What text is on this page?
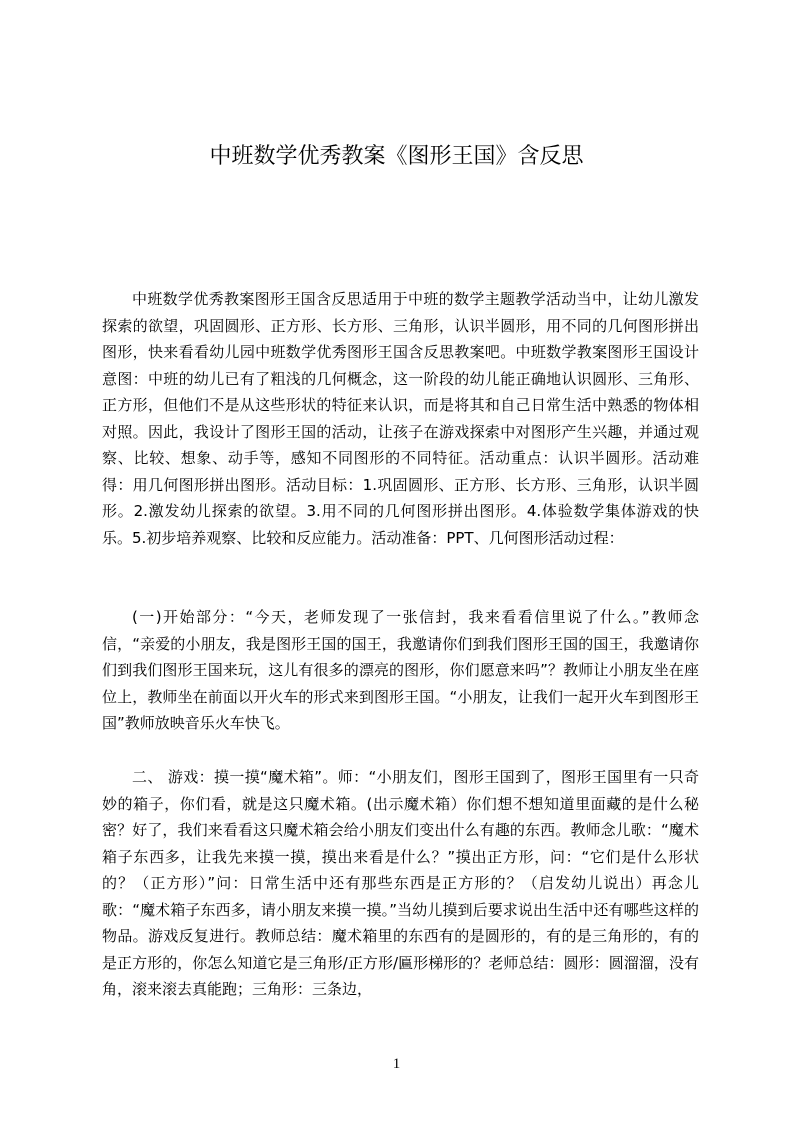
中班数学优秀教案《图形王国》含反思

中班数学优秀教案图形王国含反思适用于中班的数学主题教学活动当中，让幼儿激发探索的欲望，巩固圆形、正方形、长方形、三角形，认识半圆形，用不同的几何图形拼出图形，快来看看幼儿园中班数学优秀图形王国含反思教案吧。中班数学教案图形王国设计意图：中班的幼儿已有了粗浅的几何概念，这一阶段的幼儿能正确地认识圆形、三角形、正方形，但他们不是从这些形状的特征来认识，而是将其和自己日常生活中熟悉的物体相对照。因此，我设计了图形王国的活动，让孩子在游戏探索中对图形产生兴趣，并通过观察、比较、想象、动手等，感知不同图形的不同特征。活动重点：认识半圆形。活动难得：用几何图形拼出图形。活动目标：1.巩固圆形、正方形、长方形、三角形，认识半圆形。2.激发幼儿探索的欲望。3.用不同的几何图形拼出图形。4.体验数学集体游戏的快乐。5.初步培养观察、比较和反应能力。活动准备：PPT、几何图形活动过程：

(一)开始部分：“今天，老师发现了一张信封，我来看看信里说了什么。”教师念信，“亲爱的小朋友，我是图形王国的国王，我邀请你们到我们图形王国的国王，我邀请你们到我们图形王国来玩，这儿有很多的漂亮的图形，你们愿意来吗”？教师让小朋友坐在座位上，教师坐在前面以开火车的形式来到图形王国。“小朋友，让我们一起开火车到图形王国”教师放映音乐火车快飞。

二、 游戏：摸一摸“魔术箱”。师：“小朋友们，图形王国到了，图形王国里有一只奇妙的箱子，你们看，就是这只魔术箱。(出示魔术箱）你们想不想知道里面藏的是什么秘密？好了，我们来看看这只魔术箱会给小朋友们变出什么有趣的东西。教师念儿歌：“魔术箱子东西多，让我先来摸一摸，摸出来看是什么？”摸出正方形，问：“它们是什么形状的？（正方形）”问：日常生活中还有那些东西是正方形的？（启发幼儿说出）再念儿歌：“魔术箱子东西多，请小朋友来摸一摸。”当幼儿摸到后要求说出生活中还有哪些这样的物品。游戏反复进行。教师总结：魔术箱里的东西有的是圆形的，有的是三角形的，有的是正方形的，你怎么知道它是三角形/正方形/匾形梯形的？老师总结：圆形：圆溜溜，没有角，滚来滚去真能跑；三角形：三条边，

1
